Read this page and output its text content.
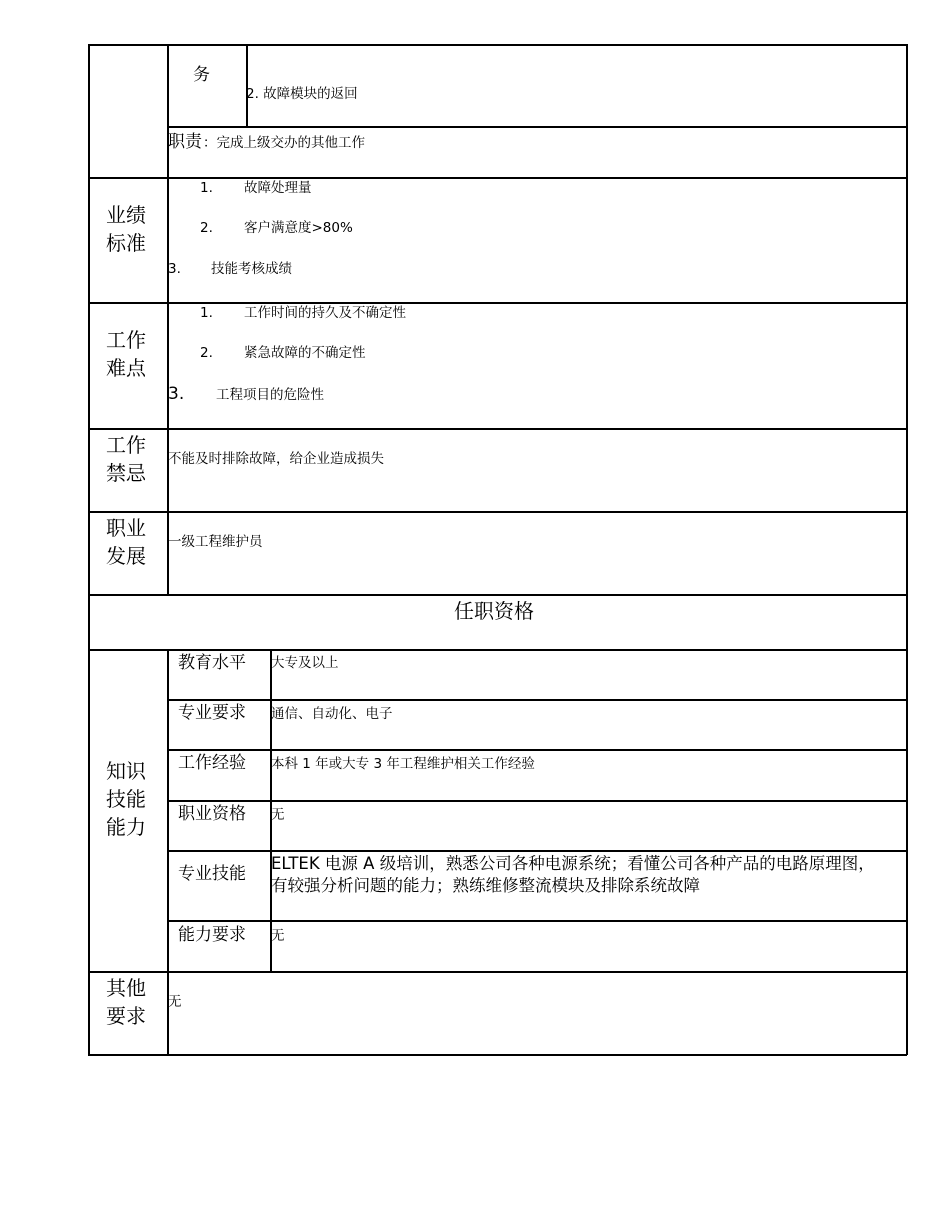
务
2. 故障模块的返回
职责 ：完成上级交办的其他工作
业绩
标准
1. 故障处理量
2. 客户满意度>80%
3. 技能考核成绩
工作
难点
1. 工作时间的持久及不确定性
2. 紧急故障的不确定性
3. 工程项目的危险性
工作
禁忌
不能及时排除故障，给企业造成损失
职业
发展
一级工程维护员
任职资格
知识
技能
能力
教育水平 大专及以上
专业要求 通信、自动化、电子
工作经验 本科 1 年或大专 3 年工程维护相关工作经验
职业资格 无
专业技能
ELTEK 电源 A 级培训，熟悉公司各种电源系统；看懂公司各种产品的电路原理图，
有较强分析问题的能力；熟练维修整流模块及排除系统故障
能力要求 无
其他
要求
无
